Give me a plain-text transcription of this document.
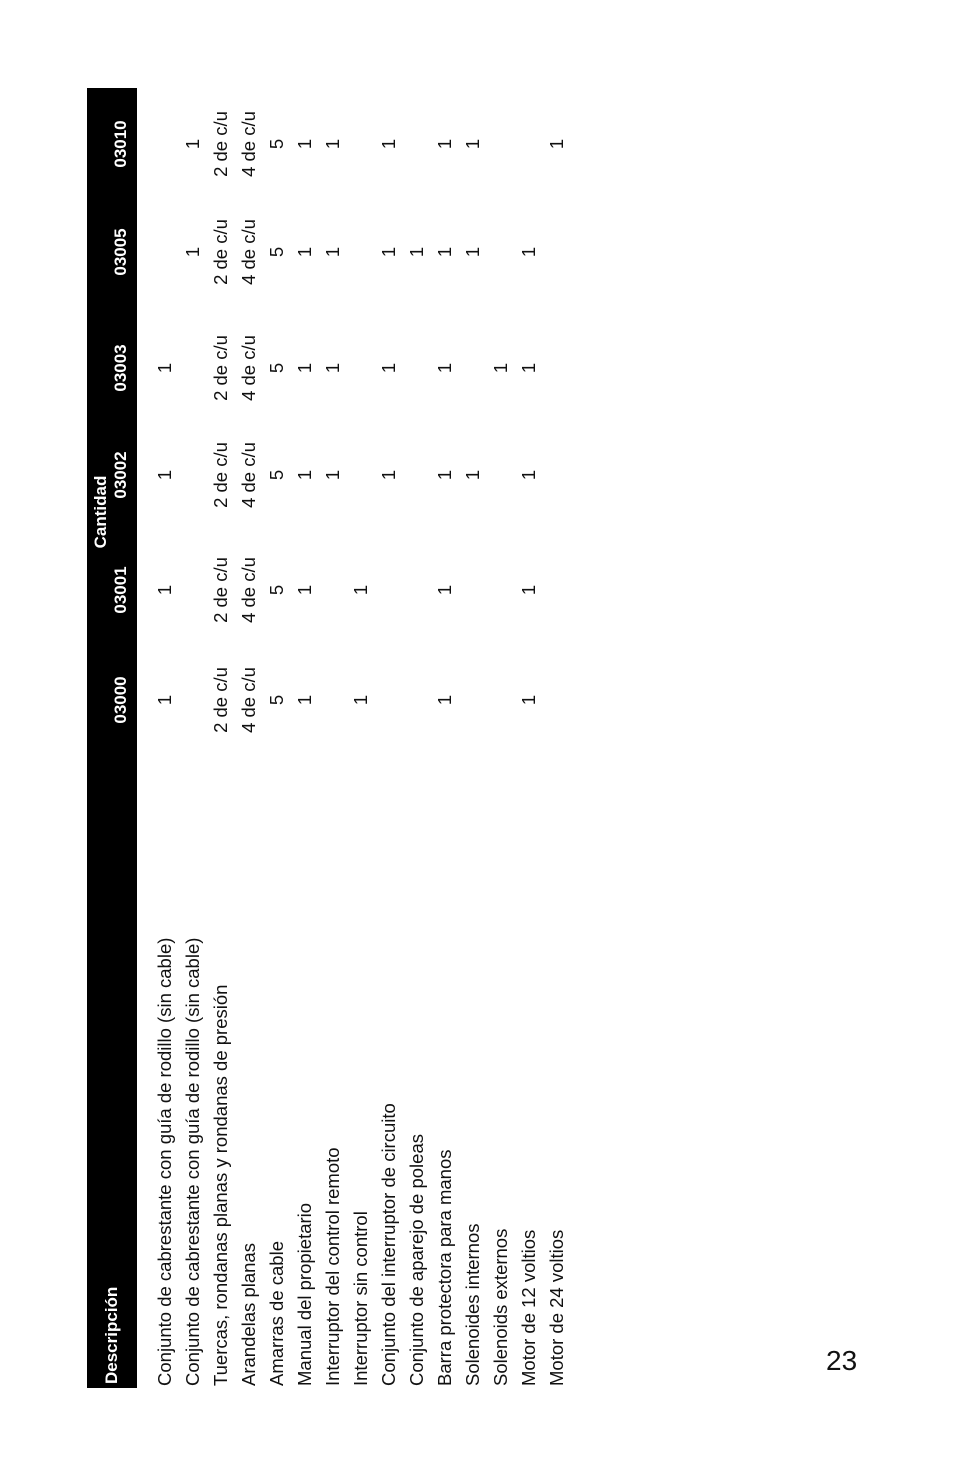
Descripción
Cantidad
03000
03001
03002
03003
03005
03010
Conjunto de cabrestante con guía de rodillo (sin cable)
1
1
1
1
Conjunto de cabrestante con guía de rodillo (sin cable)
1
1
Tuercas, rondanas planas y rondanas de presión
2 de c/u
2 de c/u
2 de c/u
2 de c/u
2 de c/u
2 de c/u
Arandelas planas
4 de c/u
4 de c/u
4 de c/u
4 de c/u
4 de c/u
4 de c/u
Amarras de cable
5
5
5
5
5
5
Manual del propietario
1
1
1
1
1
1
Interruptor del control remoto
1
1
1
1
Interruptor sin control
1
1
Conjunto del interruptor de circuito
1
1
1
1
Conjunto de aparejo de poleas
1
Barra protectora para manos
1
1
1
1
1
1
Solenoides internos
1
1
1
Solenoids externos
1
Motor de 12 voltios
1
1
1
1
1
Motor de 24 voltios
1
23
